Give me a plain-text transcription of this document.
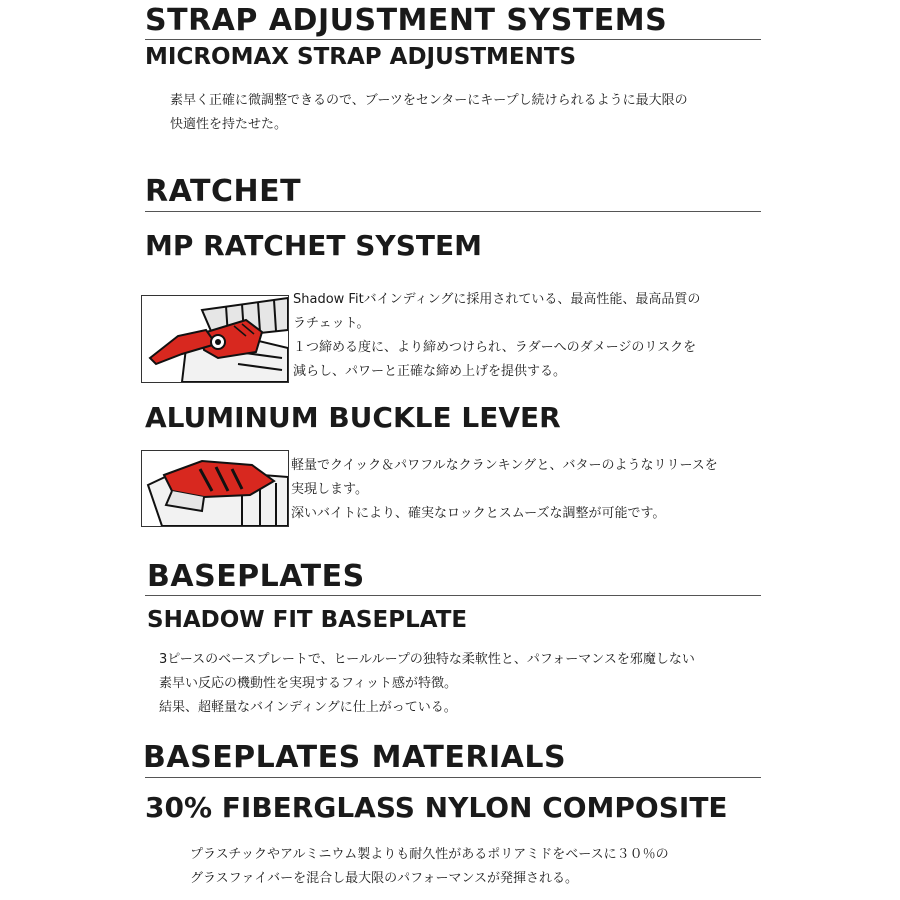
STRAP ADJUSTMENT SYSTEMS
MICROMAX STRAP ADJUSTMENTS
素早く正確に微調整できるので、ブーツをセンターにキープし続けられるように最大限の
快適性を持たせた。
RATCHET
MP RATCHET SYSTEM
Shadow Fitバインディングに採用されている、最高性能、最高品質の
ラチェット。
１つ締める度に、より締めつけられ、ラダーへのダメージのリスクを
減らし、パワーと正確な締め上げを提供する。
ALUMINUM BUCKLE LEVER
軽量でクイック＆パワフルなクランキングと、バターのようなリリースを
実現します。
深いバイトにより、確実なロックとスムーズな調整が可能です。
BASEPLATES
SHADOW FIT BASEPLATE
3ピースのベースプレートで、ヒールループの独特な柔軟性と、パフォーマンスを邪魔しない
素早い反応の機動性を実現するフィット感が特徴。
結果、超軽量なバインディングに仕上がっている。
BASEPLATES MATERIALS
30% FIBERGLASS NYLON COMPOSITE
プラスチックやアルミニウム製よりも耐久性があるポリアミドをベースに３０％の
グラスファイバーを混合し最大限のパフォーマンスが発揮される。
